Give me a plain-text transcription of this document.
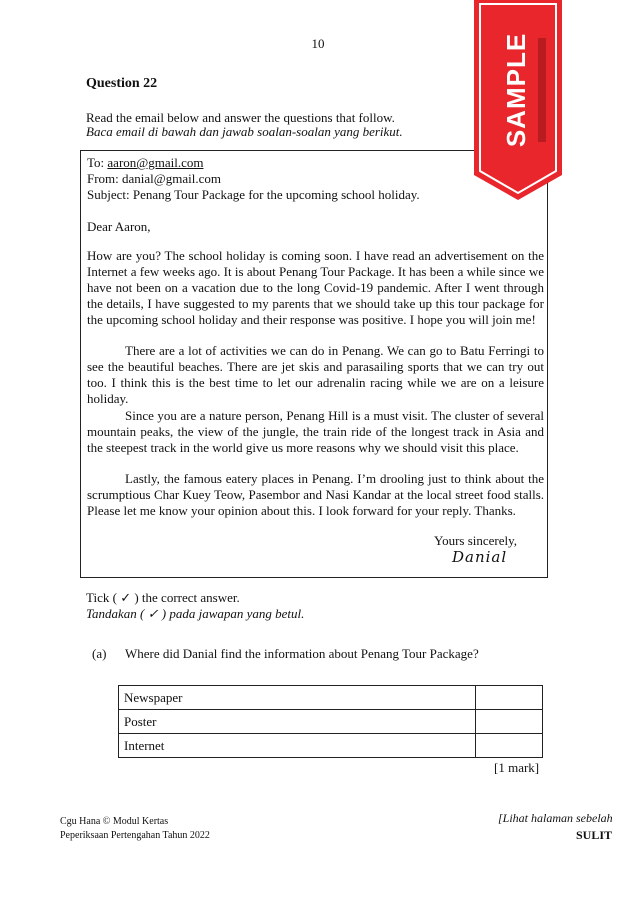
10
Question 22
Read the email below and answer the questions that follow.
Baca email di bawah dan jawab soalan-soalan yang berikut.
To: aaron@gmail.com
From: danial@gmail.com
Subject: Penang Tour Package for the upcoming school holiday.
Dear Aaron,
How are you? The school holiday is coming soon. I have read an advertisement on the Internet a few weeks ago. It is about Penang Tour Package. It has been a while since we have not been on a vacation due to the long Covid-19 pandemic. After I went through the details, I have suggested to my parents that we should take up this tour package for the upcoming school holiday and their response was positive. I hope you will join me!
There are a lot of activities we can do in Penang. We can go to Batu Ferringi to see the beautiful beaches. There are jet skis and parasailing sports that we can try out too. I think this is the best time to let our adrenalin racing while we are on a leisure holiday.
Since you are a nature person, Penang Hill is a must visit. The cluster of several mountain peaks, the view of the jungle, the train ride of the longest track in Asia and the steepest track in the world give us more reasons why we should visit this place.
Lastly, the famous eatery places in Penang. I’m drooling just to think about the scrumptious Char Kuey Teow, Pasembor and Nasi Kandar at the local street food stalls. Please let me know your opinion about this. I look forward for your reply. Thanks.
Yours sincerely,
Danial
Tick ( ✓ ) the correct answer.
Tandakan ( ✓ ) pada jawapan yang betul.
(a) Where did Danial find the information about Penang Tour Package?
Newspaper	
Poster	
Internet	
[1 mark]
Cgu Hana © Modul Kertas
Peperiksaan Pertengahan Tahun 2022
[Lihat halaman sebelah
SULIT
SAMPLE
